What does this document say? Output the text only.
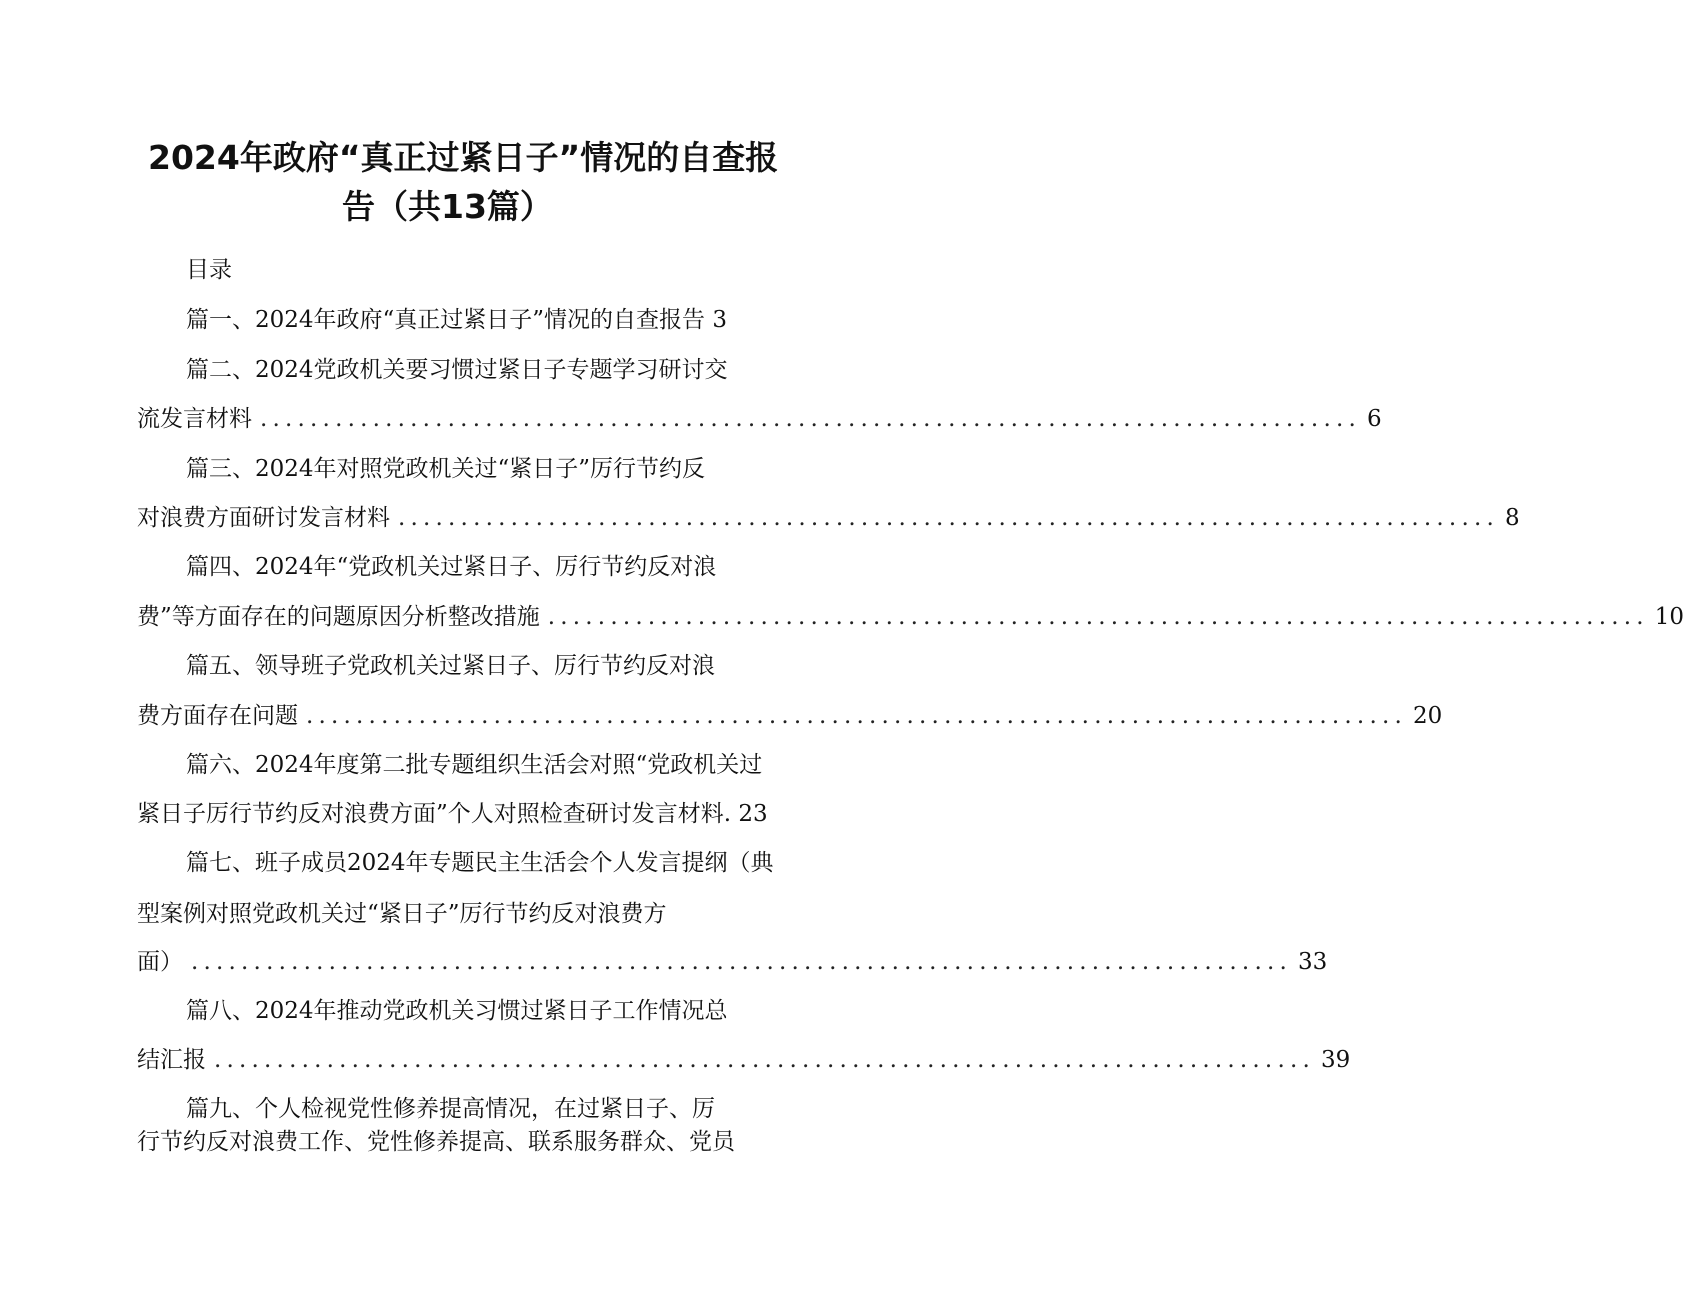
2024年政府“真正过紧日子”情况的自查报
告（共13篇）
目录
篇一、2024年政府“真正过紧日子”情况的自查报告 3
篇二、2024党政机关要习惯过紧日子专题学习研讨交
流发言材料 ........................................................................................ 6
篇三、2024年对照党政机关过“紧日子”厉行节约反
对浪费方面研讨发言材料 ........................................................................................ 8
篇四、2024年“党政机关过紧日子、厉行节约反对浪
费”等方面存在的问题原因分析整改措施 ........................................................................................ 10
篇五、领导班子党政机关过紧日子、厉行节约反对浪
费方面存在问题 ........................................................................................ 20
篇六、2024年度第二批专题组织生活会对照“党政机关过
紧日子厉行节约反对浪费方面”个人对照检查研讨发言材料. 23
篇七、班子成员2024年专题民主生活会个人发言提纲（典
型案例对照党政机关过“紧日子”厉行节约反对浪费方
面） ........................................................................................ 33
篇八、2024年推动党政机关习惯过紧日子工作情况总
结汇报 ........................................................................................ 39
篇九、个人检视党性修养提高情况，在过紧日子、厉
行节约反对浪费工作、党性修养提高、联系服务群众、党员
